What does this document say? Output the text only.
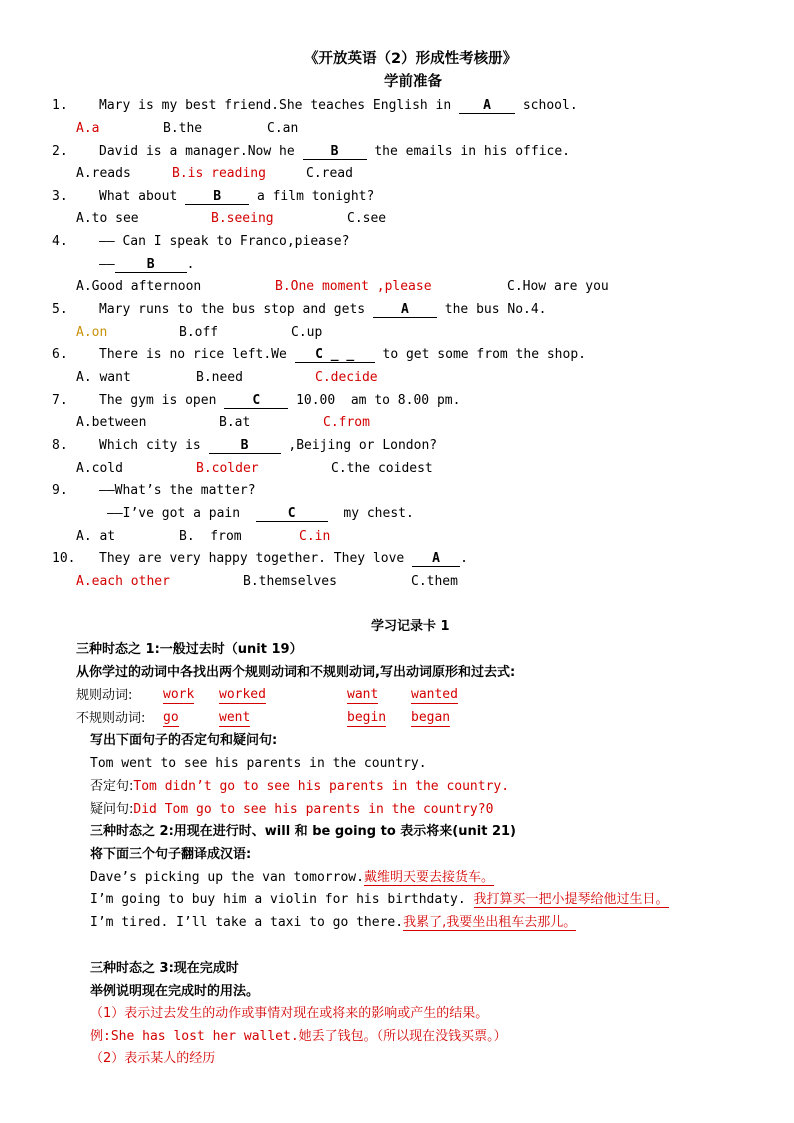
《开放英语（2）形成性考核册》
学前准备
1. Mary is my best friend.She teaches English in A school.
A.a	B.the	C.an
2. David is a manager.Now he	B	the emails in his office.
A.reads	B.is reading	C.read
3. What about	B	a film tonight?
A.to see	B.seeing	C.see
4. —— Can I speak to Franco,piease?
—— B .
A.Good afternoon	B.One moment ,please	C.How are you
5. Mary runs to the bus stop and gets	A	the bus No.4.
A.on	B.off	C.up
6. There is no rice left.We C _ _ to get some from the shop.
A. want	B.need	C.decide
7. The gym is open	C	10.00  am to 8.00 pm.
A.between	B.at	C.from
8. Which city is	B	,Beijing or London?
A.cold	B.colder	C.the coidest
9. ——What’s the matter?
——I’ve got a pain	C	my chest.
A. at	B.  from	C.in
10. They are very happy together. They love A .
A.each other	B.themselves	C.them
学习记录卡 1
三种时态之 1:一般过去时（unit 19）
从你学过的动词中各找出两个规则动词和不规则动词,写出动词原形和过去式:
规则动词: work worked	want	wanted
不规则动词: go	went	begin began
写出下面句子的否定句和疑问句:
Tom went to see his parents in the country.
否定句:Tom didn’t go to see his parents in the country.
疑问句:Did Tom go to see his parents in the country?0
三种时态之 2:用现在进行时、will 和 be going to 表示将来(unit 21)
将下面三个句子翻译成汉语:
Dave’s picking up the van tomorrow.戴维明天要去接货车。
I’m going to buy him a violin for his birthdaty. 我打算买一把小提琴给他过生日。
I’m tired. I’ll take a taxi to go there.我累了,我要坐出租车去那儿。
三种时态之 3:现在完成时
举例说明现在完成时的用法。
（1）表示过去发生的动作或事情对现在或将来的影响或产生的结果。
例:She has lost her wallet.她丢了钱包。（所以现在没钱买票。）
（2）表示某人的经历
